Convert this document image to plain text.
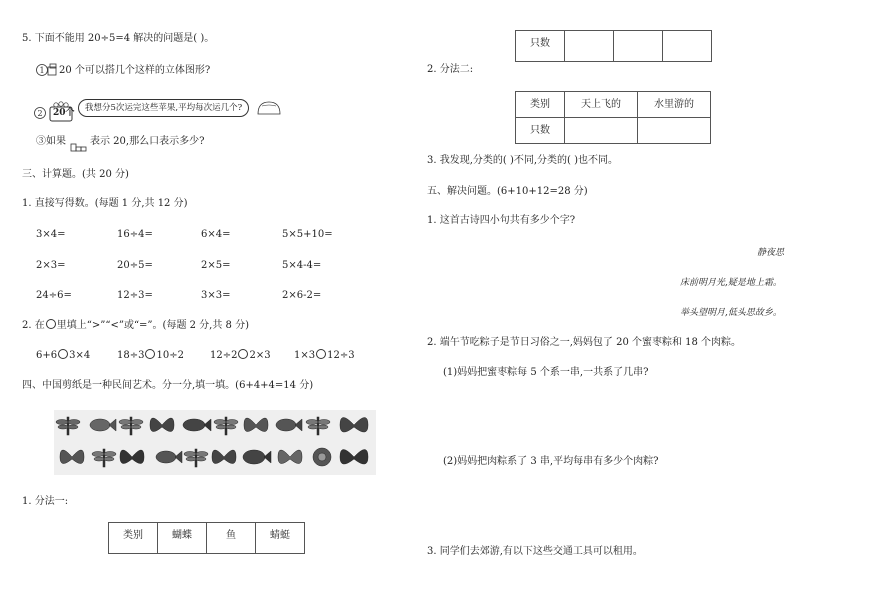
5. 下面不能用 20÷5=4 解决的问题是( )。
1 20 个可以搭几个这样的立体图形?
2 20个	我想分5次运完这些苹果,平均每次运几个?
③如果 表示 20,那么口表示多少?
三、计算题。(共 20 分)
1. 直接写得数。(每题 1 分,共 12 分)
3×4=	16÷4=	6×4=	5×5+10=
2×3=	20÷5=	2×5=	5×4-4=
24÷6=	12÷3=	3×3=	2×6-2=
2. 在 里填上“>”“<”或“=”。(每题 2 分,共 8 分)
6+6 3×4	18÷3 10÷2	12÷2 2×3 1×3 12÷3
四、中国剪纸是一种民间艺术。分一分,填一填。(6+4+4=14 分)
1. 分法一:
类别	蝴蝶	鱼	蜻蜓
只数			
2. 分法二:
类别	天上飞的	水里游的
只数		
3. 我发现,分类的( )不同,分类的( )也不同。
五、解决问题。(6+10+12=28 分)
1. 这首古诗四小句共有多少个字?
静夜思
床前明月光,疑是地上霜。
举头望明月,低头思故乡。
2. 端午节吃粽子是节日习俗之一,妈妈包了 20 个蜜枣粽和 18 个肉粽。
(1)妈妈把蜜枣粽每 5 个系一串,一共系了几串?
(2)妈妈把肉粽系了 3 串,平均每串有多少个肉粽?
3. 同学们去郊游,有以下这些交通工具可以租用。
